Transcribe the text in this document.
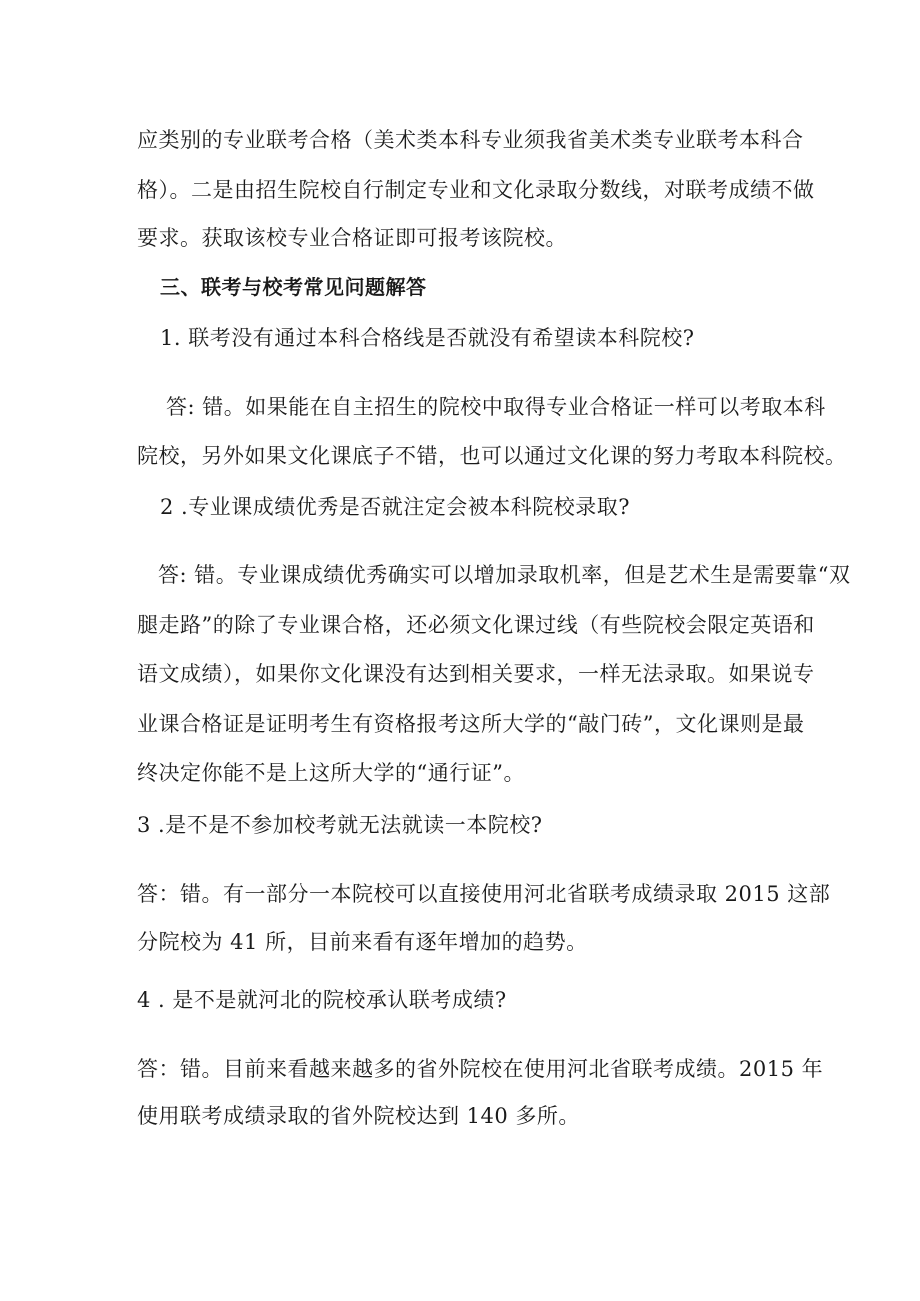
应类别的专业联考合格（美术类本科专业须我省美术类专业联考本科合
格）。二是由招生院校自行制定专业和文化录取分数线，对联考成绩不做
要求。获取该校专业合格证即可报考该院校。
三、联考与校考常见问题解答
1. 联考没有通过本科合格线是否就没有希望读本科院校?
答: 错。如果能在自主招生的院校中取得专业合格证一样可以考取本科
院校，另外如果文化课底子不错，也可以通过文化课的努力考取本科院校。
2 .专业课成绩优秀是否就注定会被本科院校录取?
答: 错。专业课成绩优秀确实可以增加录取机率，但是艺术生是需要靠“双
腿走路”的除了专业课合格，还必须文化课过线（有些院校会限定英语和
语文成绩），如果你文化课没有达到相关要求，一样无法录取。如果说专
业课合格证是证明考生有资格报考这所大学的“敲门砖”，文化课则是最
终决定你能不是上这所大学的“通行证”。
3 .是不是不参加校考就无法就读一本院校?
答：错。有一部分一本院校可以直接使用河北省联考成绩录取 2015 这部
分院校为 41 所，目前来看有逐年增加的趋势。
4 . 是不是就河北的院校承认联考成绩?
答：错。目前来看越来越多的省外院校在使用河北省联考成绩。2015 年
使用联考成绩录取的省外院校达到 140 多所。
